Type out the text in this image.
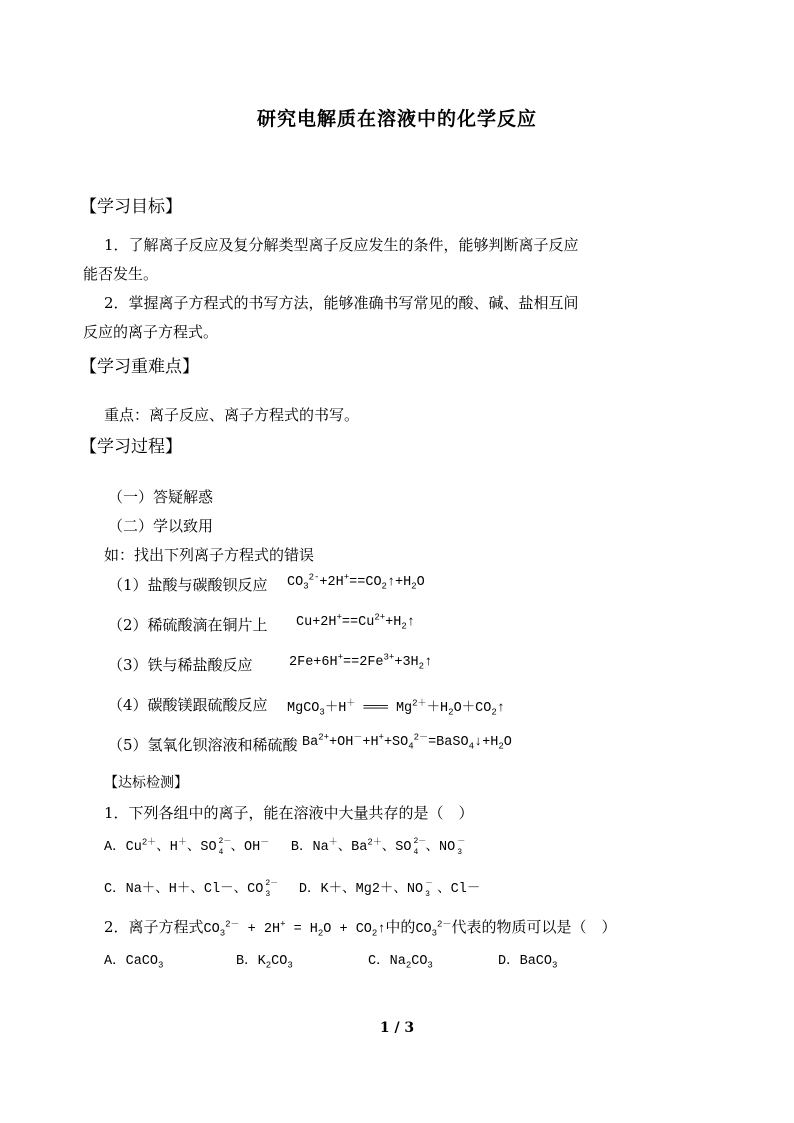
研究电解质在溶液中的化学反应
【学习目标】
1．了解离子反应及复分解类型离子反应发生的条件，能够判断离子反应
能否发生。
2．掌握离子方程式的书写方法，能够准确书写常见的酸、碱、盐相互间
反应的离子方程式。
【学习重难点】
重点：离子反应、离子方程式的书写。
【学习过程】
（一）答疑解惑
（二）学以致用
如：找出下列离子方程式的错误
（1）盐酸与碳酸钡反应 $CO_3^{2-}+2H^+==CO_2↑+H_2O$
（2）稀硫酸滴在铜片上 $Cu+2H^+==Cu^{2+}+H_2↑$
（3）铁与稀盐酸反应	$2Fe+6H^+==2Fe^{3+}+3H_2↑$
（4）碳酸镁跟硫酸反应 MgCO$_3$＋H＋ ═══ $Mg^{2+}+H_2O+CO_2↑$
（5）氢氧化钡溶液和稀硫酸 $Ba^{2+}+OH^-+H^++SO_4^{2-}=BaSO_4↓+H_2O$
【达标检测】
1．下列各组中的离子，能在溶液中大量共存的是（　）
A．$Cu^{2+}$、H＋、SO 2－
4 、OH－　 B．Na＋、$Ba^{2+}$、SO 2－
4 、NO －
3
C．Na＋、H＋、Cl－、CO 2－
3 　 D．K＋、Mg2＋、NO －
3 、Cl－
2．离子方程式$CO_3^{2-} + 2H^+ = H_2O$ + $CO_2↑$中的$CO_3^{2-}$代表的物质可以是（　）
A．CaCO$_3$	B．$K_2CO_3$	C．$Na_2CO_3$	D．BaCO$_3$
1 / 3
